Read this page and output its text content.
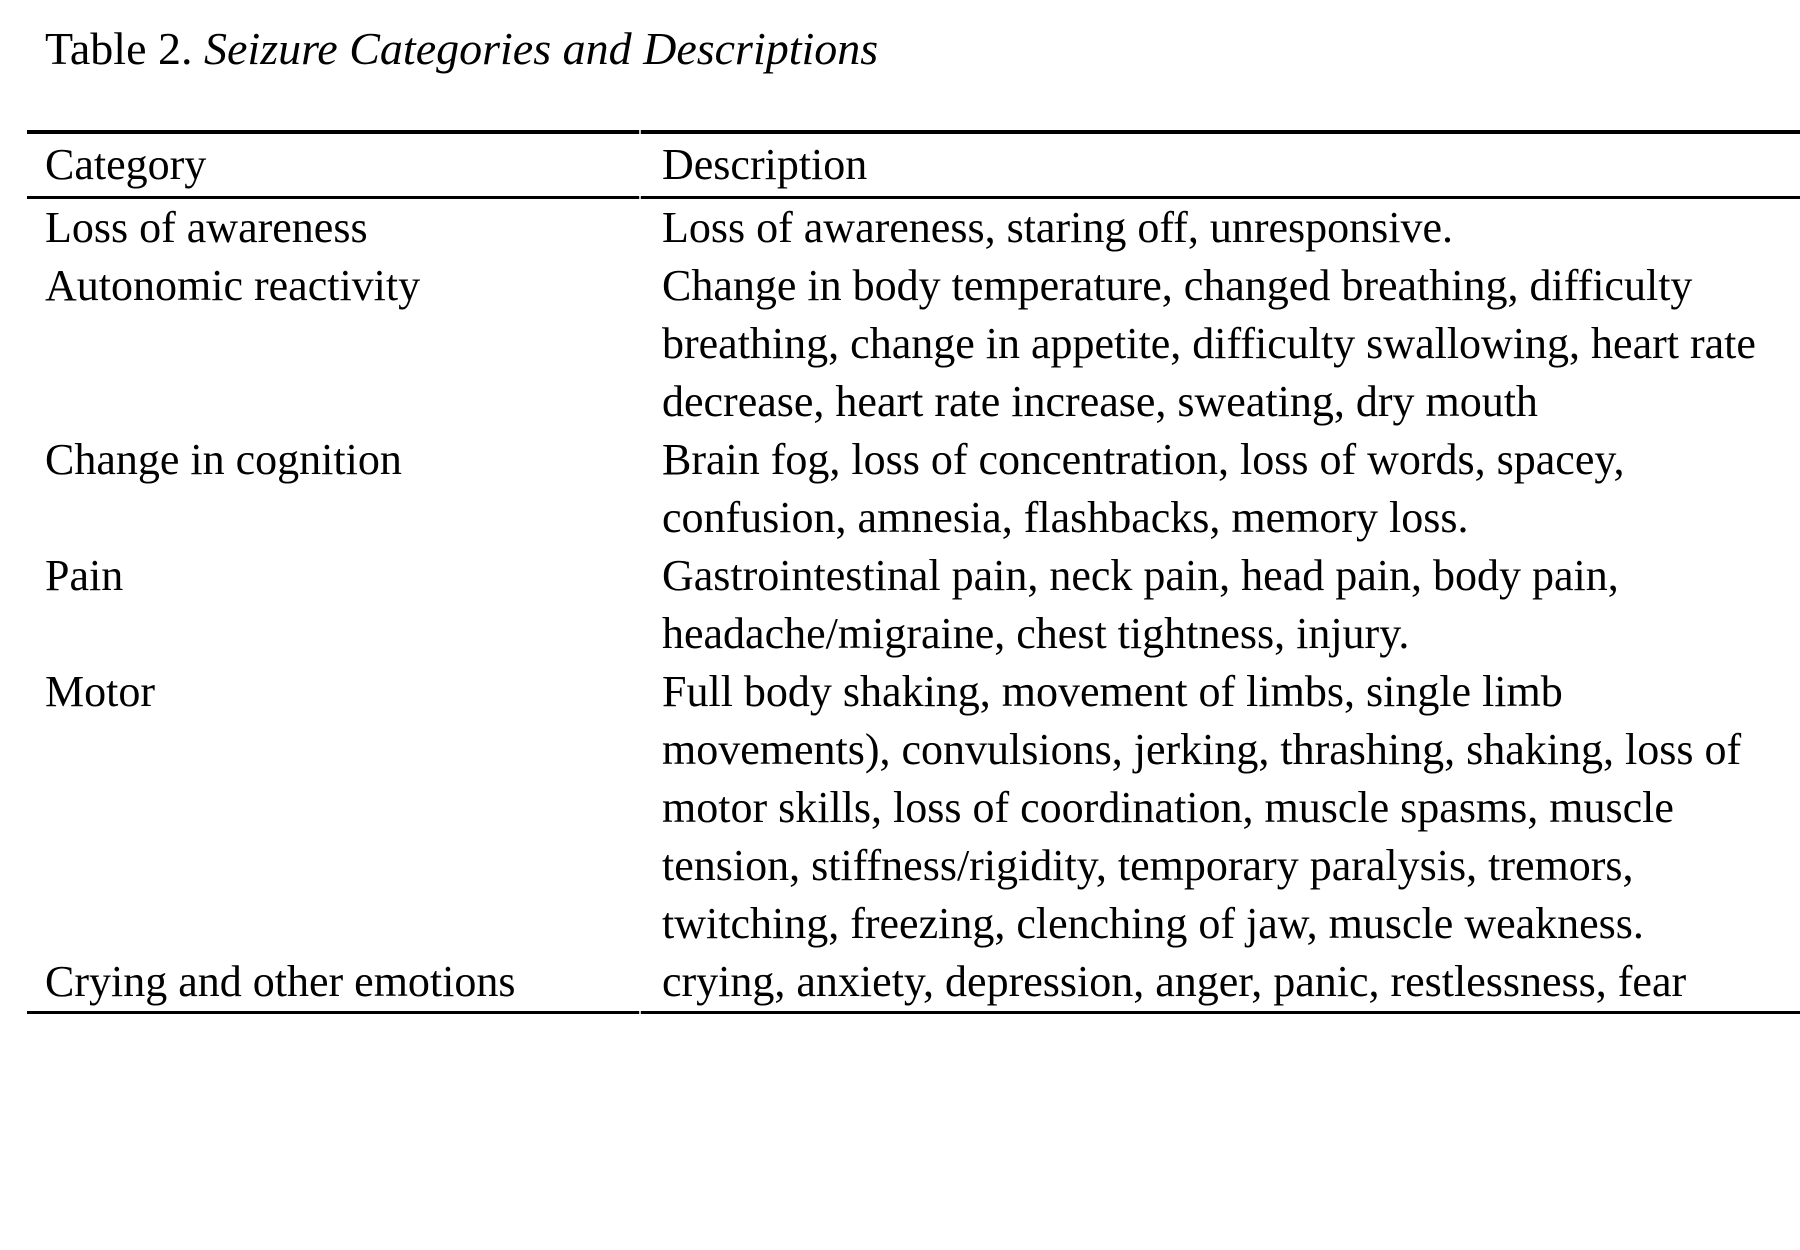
Table 2. Seizure Categories and Descriptions
Category	Description
Loss of awareness	Loss of awareness, staring off, unresponsive.
Autonomic reactivity	Change in body temperature, changed breathing, difficulty breathing, change in appetite, difficulty swallowing, heart rate decrease, heart rate increase, sweating, dry mouth
Change in cognition	Brain fog, loss of concentration, loss of words, spacey, confusion, amnesia, flashbacks, memory loss.
Pain	Gastrointestinal pain, neck pain, head pain, body pain, headache/migraine, chest tightness, injury.
Motor	Full body shaking, movement of limbs, single limb movements), convulsions, jerking, thrashing, shaking, loss of motor skills, loss of coordination, muscle spasms, muscle tension, stiffness/rigidity, temporary paralysis, tremors, twitching, freezing, clenching of jaw, muscle weakness.
Crying and other emotions	crying, anxiety, depression, anger, panic, restlessness, fear
